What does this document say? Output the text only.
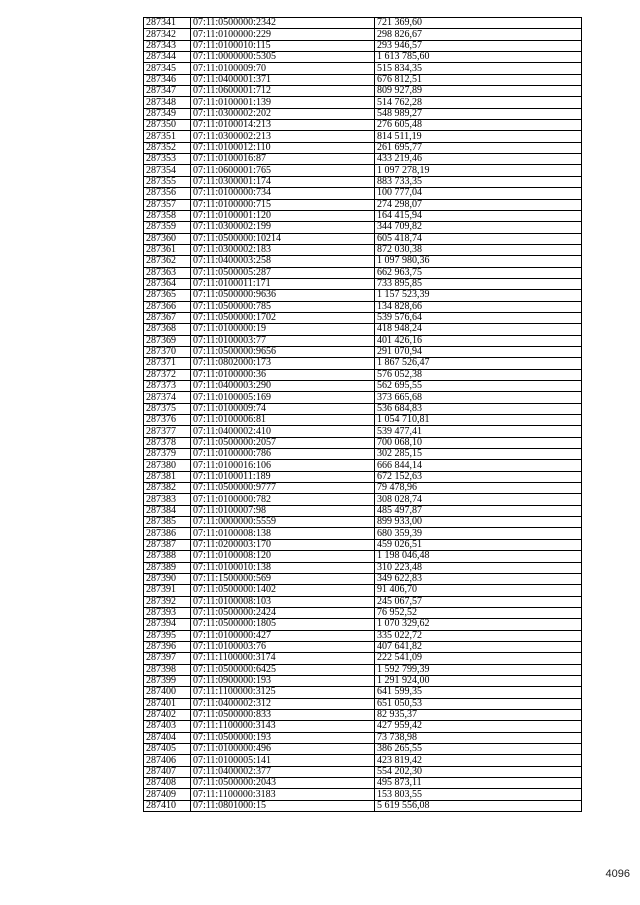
287341	07:11:0500000:2342	721 369,60
287342	07:11:0100000:229	298 826,67
287343	07:11:0100010:115	293 946,57
287344	07:11:0000000:5305	1 613 785,60
287345	07:11:0100009:70	515 834,35
287346	07:11:0400001:371	676 812,51
287347	07:11:0600001:712	809 927,89
287348	07:11:0100001:139	514 762,28
287349	07:11:0300002:202	548 989,27
287350	07:11:0100014:213	276 605,48
287351	07:11:0300002:213	814 511,19
287352	07:11:0100012:110	261 695,77
287353	07:11:0100016:87	433 219,46
287354	07:11:0600001:765	1 097 278,19
287355	07:11:0300001:174	883 733,35
287356	07:11:0100000:734	100 777,04
287357	07:11:0100000:715	274 298,07
287358	07:11:0100001:120	164 415,94
287359	07:11:0300002:199	344 709,82
287360	07:11:0500000:10214	605 418,74
287361	07:11:0300002:183	872 030,38
287362	07:11:0400003:258	1 097 980,36
287363	07:11:0500005:287	662 963,75
287364	07:11:0100011:171	733 895,85
287365	07:11:0500000:9636	1 157 523,39
287366	07:11:0500000:785	134 828,66
287367	07:11:0500000:1702	539 576,64
287368	07:11:0100000:19	418 948,24
287369	07:11:0100003:77	401 426,16
287370	07:11:0500000:9656	291 070,94
287371	07:11:0802000:173	1 867 526,47
287372	07:11:0100000:36	576 052,38
287373	07:11:0400003:290	562 695,55
287374	07:11:0100005:169	373 665,68
287375	07:11:0100009:74	536 684,83
287376	07:11:0100006:81	1 054 710,81
287377	07:11:0400002:410	539 477,41
287378	07:11:0500000:2057	700 068,10
287379	07:11:0100000:786	302 285,15
287380	07:11:0100016:106	666 844,14
287381	07:11:0100011:189	672 152,63
287382	07:11:0500000:9777	79 478,96
287383	07:11:0100000:782	308 028,74
287384	07:11:0100007:98	485 497,87
287385	07:11:0000000:5559	899 933,00
287386	07:11:0100008:138	680 359,39
287387	07:11:0200003:170	459 026,51
287388	07:11:0100008:120	1 198 046,48
287389	07:11:0100010:138	310 223,48
287390	07:11:1500000:569	349 622,83
287391	07:11:0500000:1402	91 406,70
287392	07:11:0100008:103	245 067,57
287393	07:11:0500000:2424	76 952,52
287394	07:11:0500000:1805	1 070 329,62
287395	07:11:0100000:427	335 022,72
287396	07:11:0100003:76	407 641,82
287397	07:11:1100000:3174	222 541,09
287398	07:11:0500000:6425	1 592 799,39
287399	07:11:0900000:193	1 291 924,00
287400	07:11:1100000:3125	641 599,35
287401	07:11:0400002:312	651 050,53
287402	07:11:0500000:833	82 935,37
287403	07:11:1100000:3143	427 959,42
287404	07:11:0500000:193	73 738,98
287405	07:11:0100000:496	386 265,55
287406	07:11:0100005:141	423 819,42
287407	07:11:0400002:377	554 202,30
287408	07:11:0500000:2043	495 873,11
287409	07:11:1100000:3183	153 803,55
287410	07:11:0801000:15	5 619 556,08
4096
